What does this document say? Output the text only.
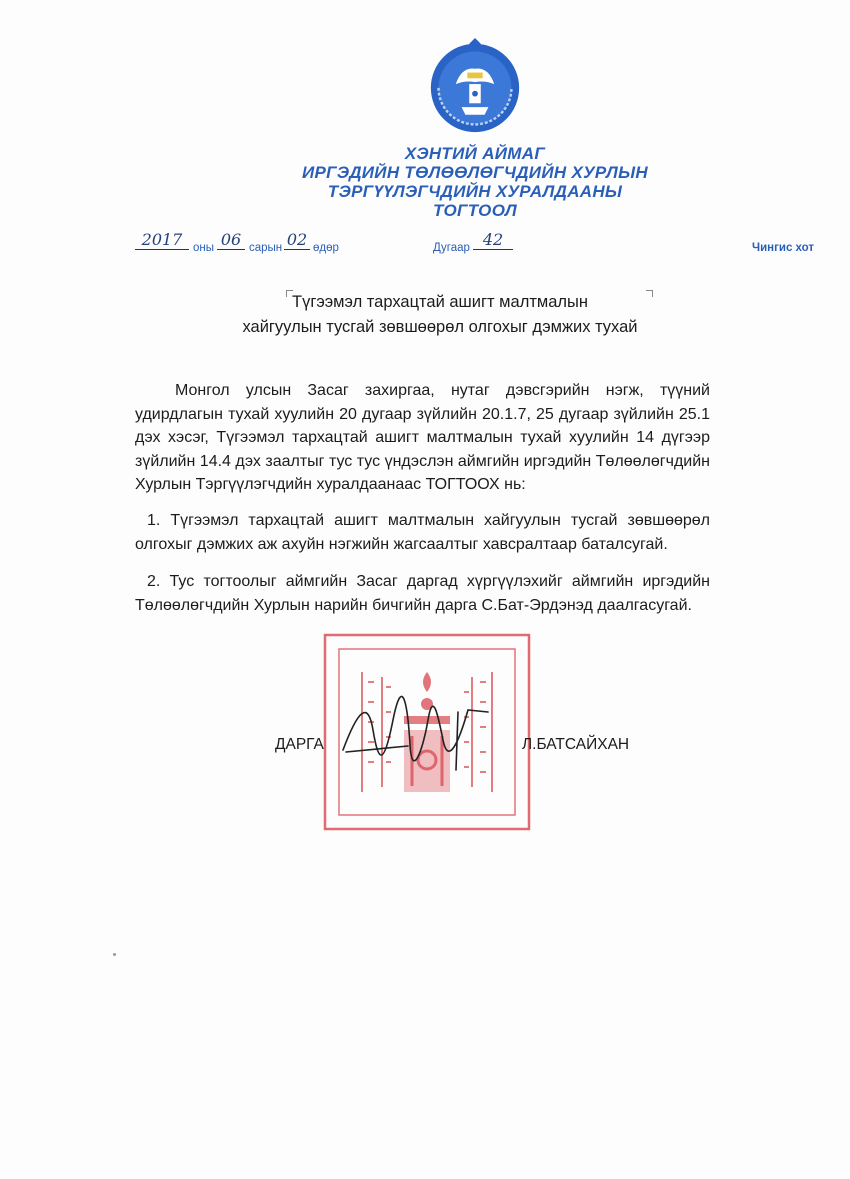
ХЭНТИЙ АЙМАГ
ИРГЭДИЙН ТӨЛӨӨЛӨГЧДИЙН ХУРЛЫН
ТЭРГҮҮЛЭГЧДИЙН ХУРАЛДААНЫ
ТОГТООЛ
2017 оны 06 сарын 02 өдөр	Дугаар 42	Чингис хот
Түгээмэл тархацтай ашигт малтмалын
хайгуулын тусгай зөвшөөрөл олгохыг дэмжих тухай
Монгол улсын Засаг захиргаа, нутаг дэвсгэрийн нэгж, түүний удирдлагын тухай хуулийн 20 дугаар зүйлийн 20.1.7, 25 дугаар зүйлийн 25.1 дэх хэсэг, Түгээмэл тархацтай ашигт малтмалын тухай хуулийн 14 дүгээр зүйлийн 14.4 дэх заалтыг тус тус үндэслэн аймгийн иргэдийн Төлөөлөгчдийн Хурлын Тэргүүлэгчдийн хуралдаанаас ТОГТООХ нь:
1. Түгээмэл тархацтай ашигт малтмалын хайгуулын тусгай зөвшөөрөл олгохыг дэмжих аж ахуйн нэгжийн жагсаалтыг хавсралтаар баталсугай.
2. Тус тогтоолыг аймгийн Засаг даргад хүргүүлэхийг аймгийн иргэдийн Төлөөлөгчдийн Хурлын нарийн бичгийн дарга С.Бат-Эрдэнэд даалгасугай.
ДАРГА	Л.БАТСАЙХАН
